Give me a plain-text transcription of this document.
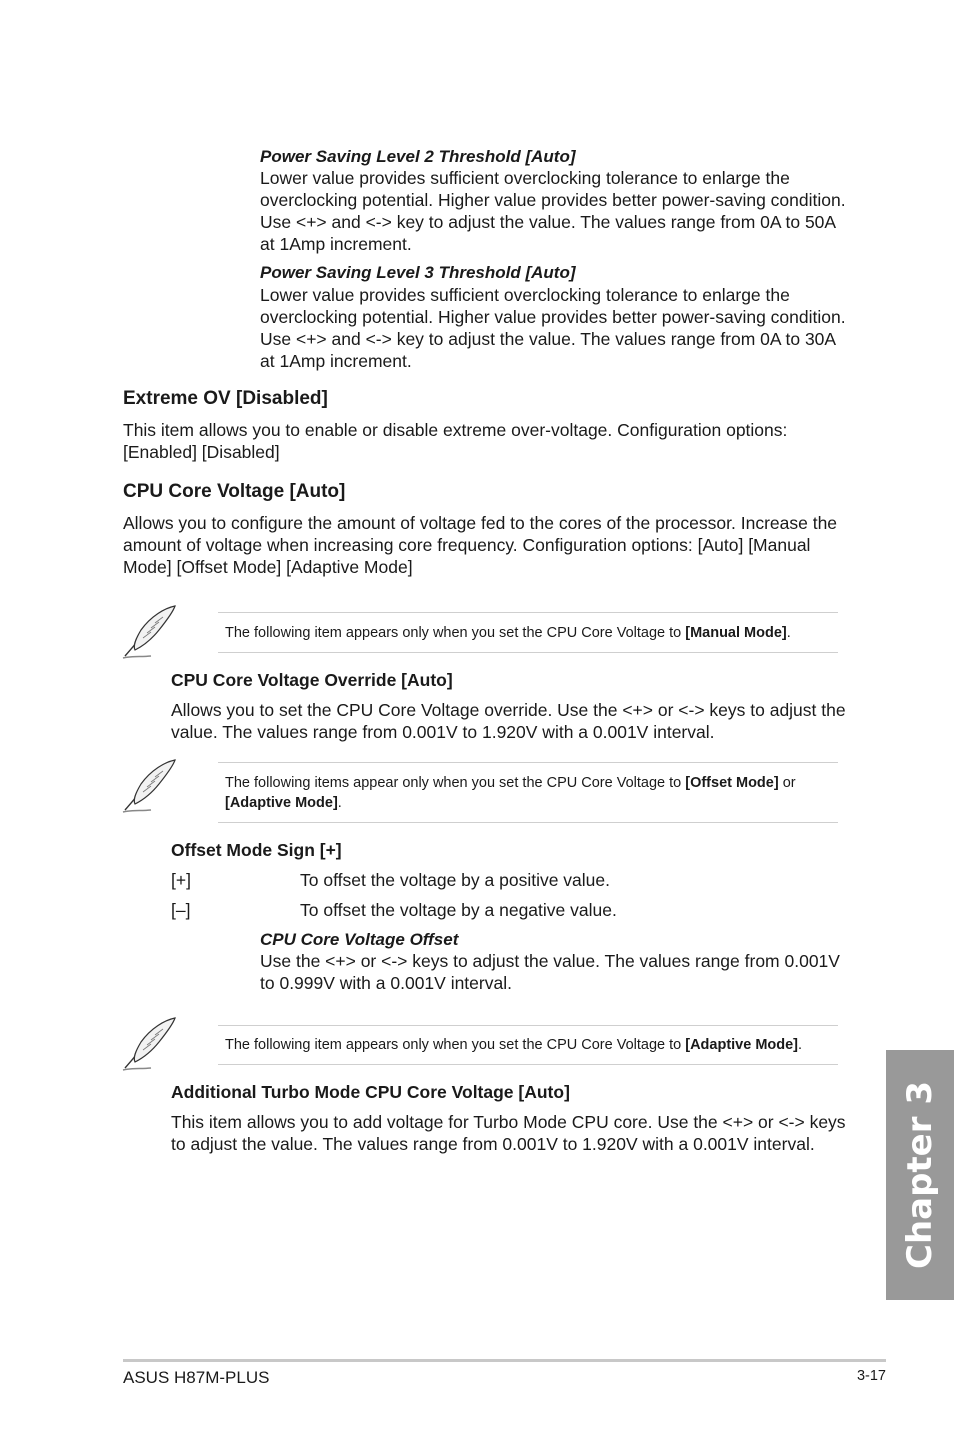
Power Saving Level 2 Threshold [Auto]
Lower value provides sufficient overclocking tolerance to enlarge the
overclocking potential. Higher value provides better power-saving condition.
Use <+> and <-> key to adjust the value. The values range from 0A to 50A
at 1Amp increment.
Power Saving Level 3 Threshold [Auto]
Lower value provides sufficient overclocking tolerance to enlarge the
overclocking potential. Higher value provides better power-saving condition.
Use <+> and <-> key to adjust the value. The values range from 0A to 30A
at 1Amp increment.
Extreme OV [Disabled]
This item allows you to enable or disable extreme over-voltage. Configuration options:
[Enabled] [Disabled]
CPU Core Voltage [Auto]
Allows you to configure the amount of voltage fed to the cores of the processor. Increase the
amount of voltage when increasing core frequency. Configuration options: [Auto] [Manual
Mode] [Offset Mode] [Adaptive Mode]
The following item appears only when you set the CPU Core Voltage to [Manual Mode].
CPU Core Voltage Override [Auto]
Allows you to set the CPU Core Voltage override. Use the <+> or <-> keys to adjust the
value. The values range from 0.001V to 1.920V with a 0.001V interval.
The following items appear only when you set the CPU Core Voltage to [Offset Mode] or
[Adaptive Mode].
Offset Mode Sign [+]
[+]	To offset the voltage by a positive value.
[–]	To offset the voltage by a negative value.
CPU Core Voltage Offset
Use the <+> or <-> keys to adjust the value. The values range from 0.001V
to 0.999V with a 0.001V interval.
The following item appears only when you set the CPU Core Voltage to [Adaptive Mode].
Additional Turbo Mode CPU Core Voltage [Auto]
This item allows you to add voltage for Turbo Mode CPU core. Use the <+> or <-> keys
to adjust the value. The values range from 0.001V to 1.920V with a 0.001V interval.	Chapter 3
ASUS H87M-PLUS	3-17
